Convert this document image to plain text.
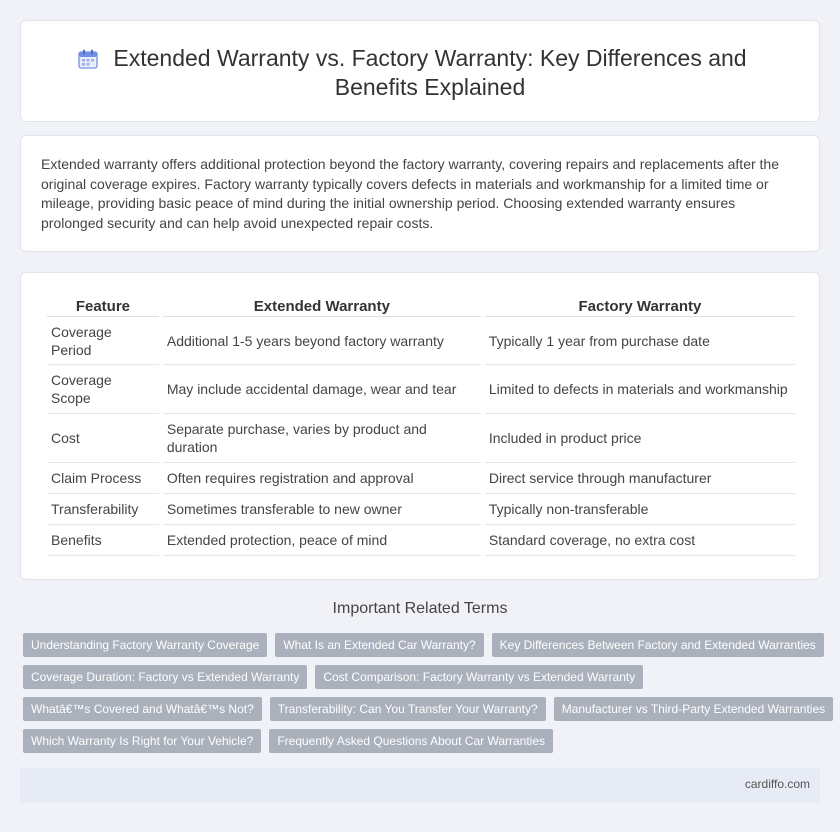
Extended Warranty vs. Factory Warranty: Key Differences and Benefits Explained

Extended warranty offers additional protection beyond the factory warranty, covering repairs and replacements after the original coverage expires. Factory warranty typically covers defects in materials and workmanship for a limited time or mileage, providing basic peace of mind during the initial ownership period. Choosing extended warranty ensures prolonged security and can help avoid unexpected repair costs.

Feature	Extended Warranty	Factory Warranty
Coverage Period	Additional 1-5 years beyond factory warranty	Typically 1 year from purchase date
Coverage Scope	May include accidental damage, wear and tear	Limited to defects in materials and workmanship
Cost	Separate purchase, varies by product and duration	Included in product price
Claim Process	Often requires registration and approval	Direct service through manufacturer
Transferability	Sometimes transferable to new owner	Typically non-transferable
Benefits	Extended protection, peace of mind	Standard coverage, no extra cost
Important Related Terms
Understanding Factory Warranty Coverage	What Is an Extended Car Warranty?	Key Differences Between Factory and Extended Warranties
Coverage Duration: Factory vs Extended Warranty	Cost Comparison: Factory Warranty vs Extended Warranty
Whatâ€™s Covered and Whatâ€™s Not?	Transferability: Can You Transfer Your Warranty?	Manufacturer vs Third-Party Extended Warranties
Which Warranty Is Right for Your Vehicle?	Frequently Asked Questions About Car Warranties
cardiffo.com
